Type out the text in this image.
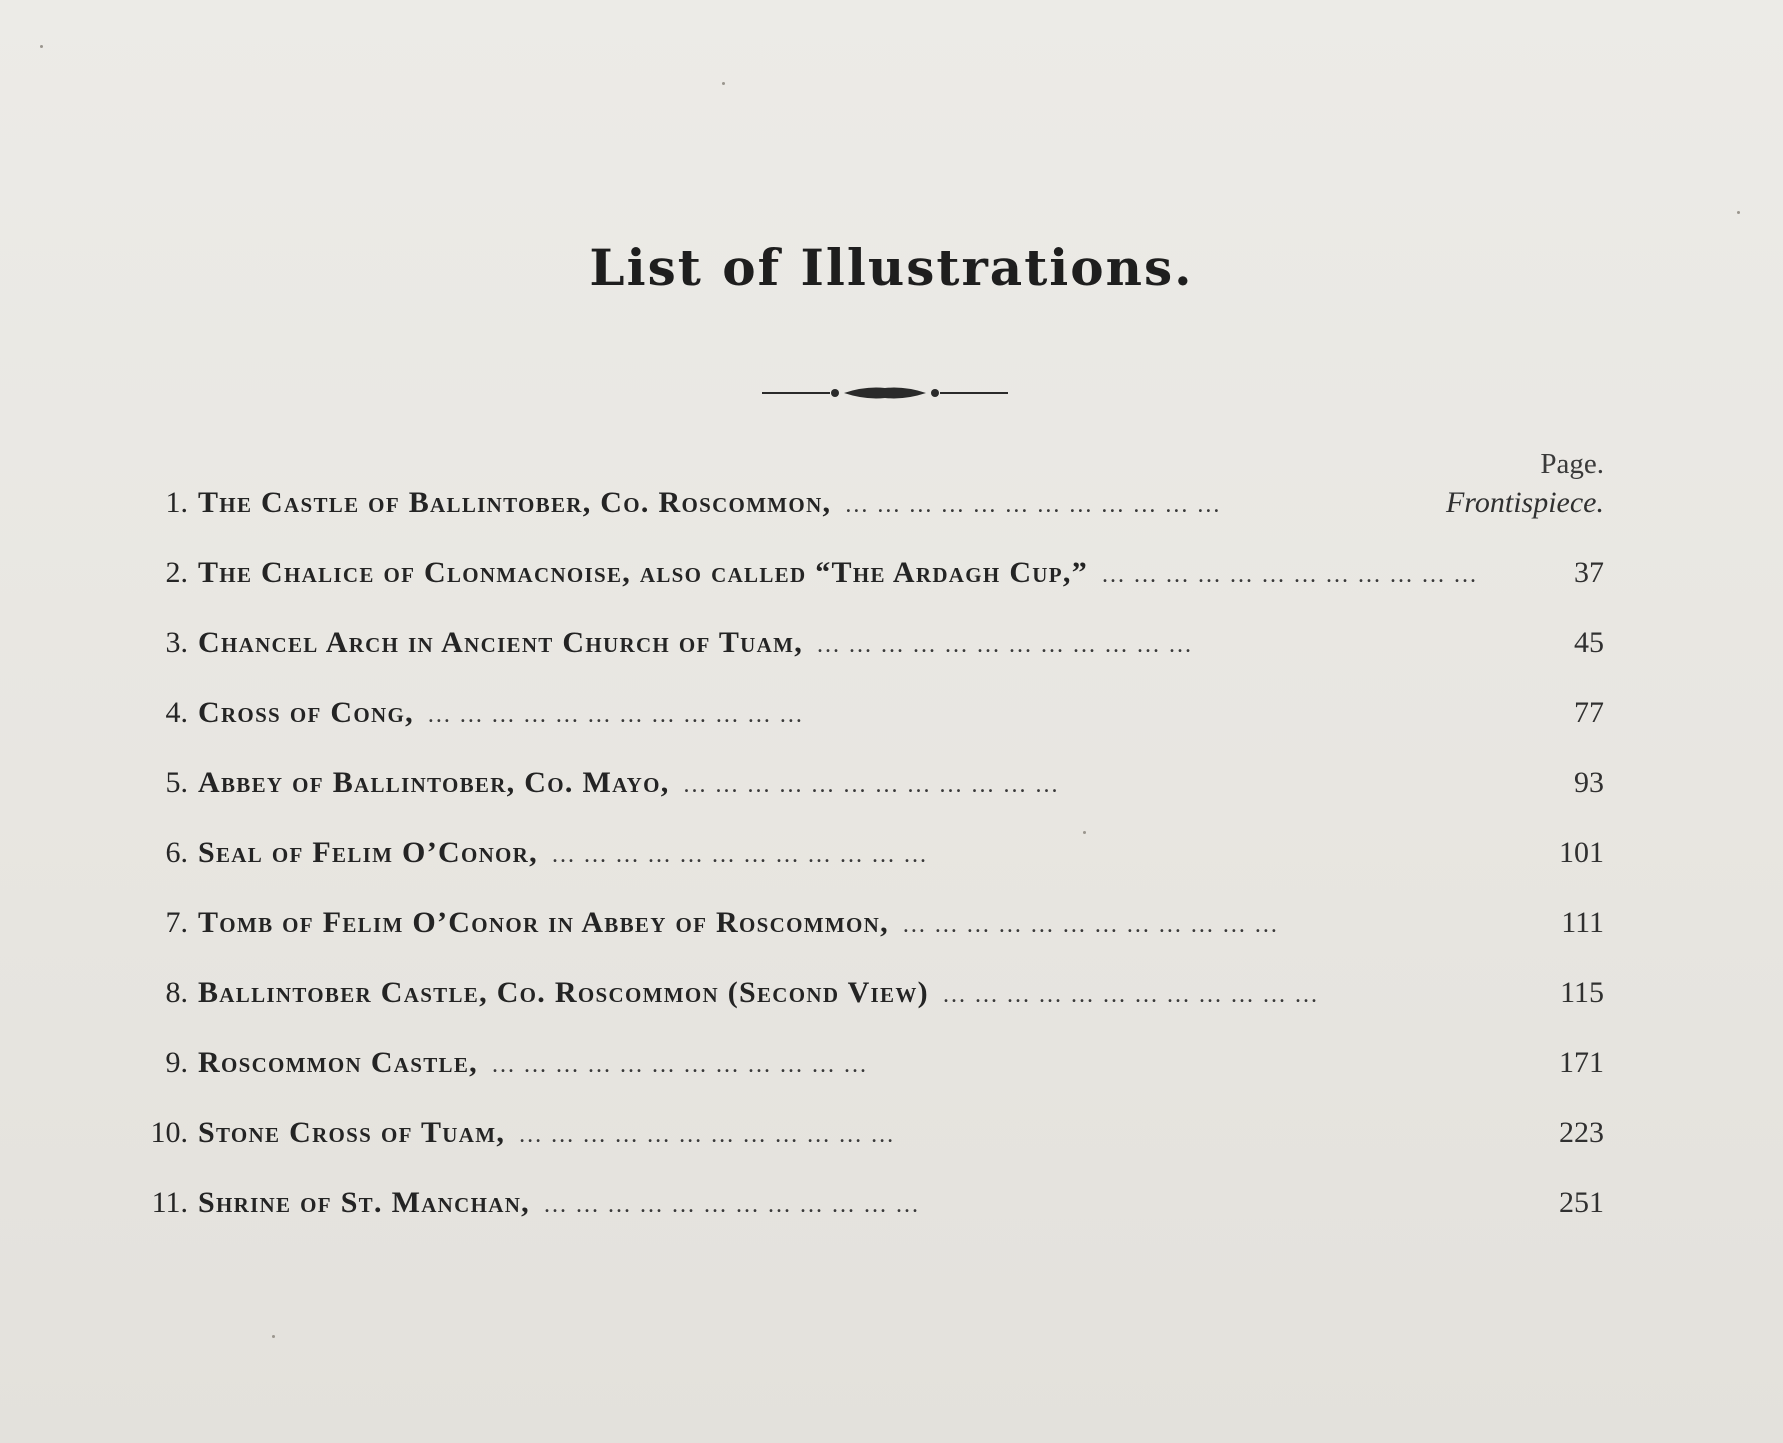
List of Illustrations.
Page.
1. The Castle of Ballintober, Co. Roscommon, ... ... ... ... ... ... ... ... ... ... ... ...	Frontispiece.
2. The Chalice of Clonmacnoise, also called “The Ardagh Cup,” ... ... ... ... ... ... ... ... ... ... ... ...	37
3. Chancel Arch in Ancient Church of Tuam, ... ... ... ... ... ... ... ... ... ... ... ...	45
4. Cross of Cong, ... ... ... ... ... ... ... ... ... ... ... ...	77
5. Abbey of Ballintober, Co. Mayo, ... ... ... ... ... ... ... ... ... ... ... ...	93
6. Seal of Felim O’Conor, ... ... ... ... ... ... ... ... ... ... ... ...	101
7. Tomb of Felim O’Conor in Abbey of Roscommon, ... ... ... ... ... ... ... ... ... ... ... ...	111
8. Ballintober Castle, Co. Roscommon (Second View) ... ... ... ... ... ... ... ... ... ... ... ...	115
9. Roscommon Castle, ... ... ... ... ... ... ... ... ... ... ... ...	171
10. Stone Cross of Tuam, ... ... ... ... ... ... ... ... ... ... ... ...	223
11. Shrine of St. Manchan, ... ... ... ... ... ... ... ... ... ... ... ...	251
